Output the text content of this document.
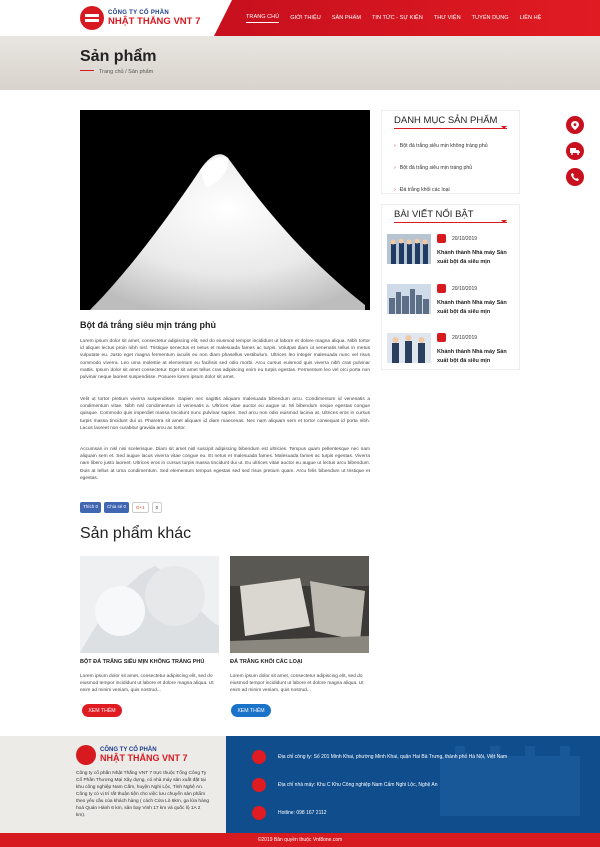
CÔNG TY CỔ PHẦN
NHẬT THẮNG VNT 7	TRANG CHỦ GIỚI THIỆU SẢN PHẨM TIN TỨC - SỰ KIỆN THƯ VIỆN TUYỂN DỤNG LIÊN HỆ
Sản phẩm
Trang chủ / Sản phẩm
Bột đá trắng siêu mịn tráng phủ
Lorem ipsum dolor sit amet, consectetur adipiscing elit, sed do eiusmod tempor incididunt ut labore et dolore magna aliqua. Nibh tortor id aliquet lectus proin nibh nisl. Tristique senectus et netus et malesuada fames ac turpis. Volutpat diam ut venenatis tellus in metus vulputate eu. Justo eget magna fermentum iaculis eu non diam phasellus vestibulum. Ultrices leo integer malesuada nunc vel risus commodo viverra. Leo urna molestie at elementum eu facilisis sed odio morbi. Arcu cursus euismod quis viverra nibh cras pulvinar mattis. Ipsum dolor sit amet consectetur. Eget sit amet tellus cras adipiscing enim eu turpis egestas. Fermentum leo vel orci porta non pulvinar neque laoreet suspendisse. Posuere lorem ipsum dolor sit amet.
Velit ut tortor pretium viverra suspendisse. Sapien nec sagittis aliquam malesuada bibendum arcu. Condimentum id venenatis a condimentum vitae. Nibh nisl condimentum id venenatis a. Ultrices vitae auctor eu augue ut. Mi bibendum neque egestas congue quisque. Commodo quis imperdiet massa tincidunt nunc pulvinar sapien. Sed arcu non odio euismod lacinia at. Ultrices eros in cursus turpis massa tincidunt dui ut. Pharetra sit amet aliquam id diam maecenas. Nec nam aliquam sem et tortor consequat id porta nibh. Lacus laoreet non curabitur gravida arcu ac tortor.
Accumsan in nisl nisi scelerisque. Diam sit amet nisl suscipit adipiscing bibendum est ultricies. Tempus quam pellentesque nec nam aliquam sem et. Sed augue lacus viverra vitae congue eu. Et netus et malesuada fames. Malesuada fames ac turpis egestas. Viverra nam libero justo laoreet. Ultrices eros in cursus turpis massa tincidunt dui ut. Eu ultrices vitae auctor eu augue ut lectus arcu bibendum. Duis at tellus at urna condimentum. Sed elementum tempus egestas sed sed risus pretium quam. Arcu felis bibendum ut tristique et egestas.
Thích 0	Chia sẻ 0	G+1	0
Sản phẩm khác
BỘT ĐÁ TRẮNG SIÊU MỊN KHÔNG TRÁNG PHỦ
Lorem ipsum dolor sit amet, consectetur adipiscing elit, sed do eiusmod tempor incididunt ut labore et dolore magna aliqua. Ut enim ad minim veniam, quis nostrud...
ĐÁ TRẮNG KHỐI CÁC LOẠI
Lorem ipsum dolor sit amet, consectetur adipiscing elit, sed do eiusmod tempor incididunt ut labore et dolore magna aliqua. Ut enim ad minim veniam, quis nostrud...
XEM THÊM	XEM THÊM
DANH MỤC SẢN PHẨM
› Bột đá trắng siêu mịn không tráng phủ
› Bột đá trắng siêu mịn tráng phủ
› Đá trắng khối các loại
BÀI VIẾT NỔI BẬT
20/10/2019
Khánh thành Nhà máy Sản xuất bột đá siêu mịn
20/10/2019
Khánh thành Nhà máy Sản xuất bột đá siêu mịn
20/10/2019
Khánh thành Nhà máy Sản xuất bột đá siêu mịn
CÔNG TY CỔ PHẦN
NHẬT THẮNG VNT 7
Công ty cổ phần Nhật Thắng VNT 7 trực thuộc Tổng Công Ty Cổ Phần Thương Mại Xây dựng, có nhà máy sản xuất đặt tại khu công nghiệp Nam Cấm, huyện Nghi Lộc, Tỉnh Nghệ An. Công ty có vị trí rất thuận tiện cho việc lưu chuyển sản phẩm theo yêu cầu của khách hàng ( cách Cửa Lò 6km, ga lửa hàng hoá Quán Hành 6 km, sân bay Vinh 17 km và quốc lộ 1A 2 km).
Địa chỉ công ty: Số 201 Minh Khai, phường Minh Khai, quận Hai Bà Trưng, thành phố Hà Nội, Việt Nam
Địa chỉ nhà máy: Khu C Khu Công nghiệp Nam Cấm Nghi Lộc, Nghệ An
Hotline: 098 167 2112
©2019 Bản quyền thuộc Vnt8one.com
